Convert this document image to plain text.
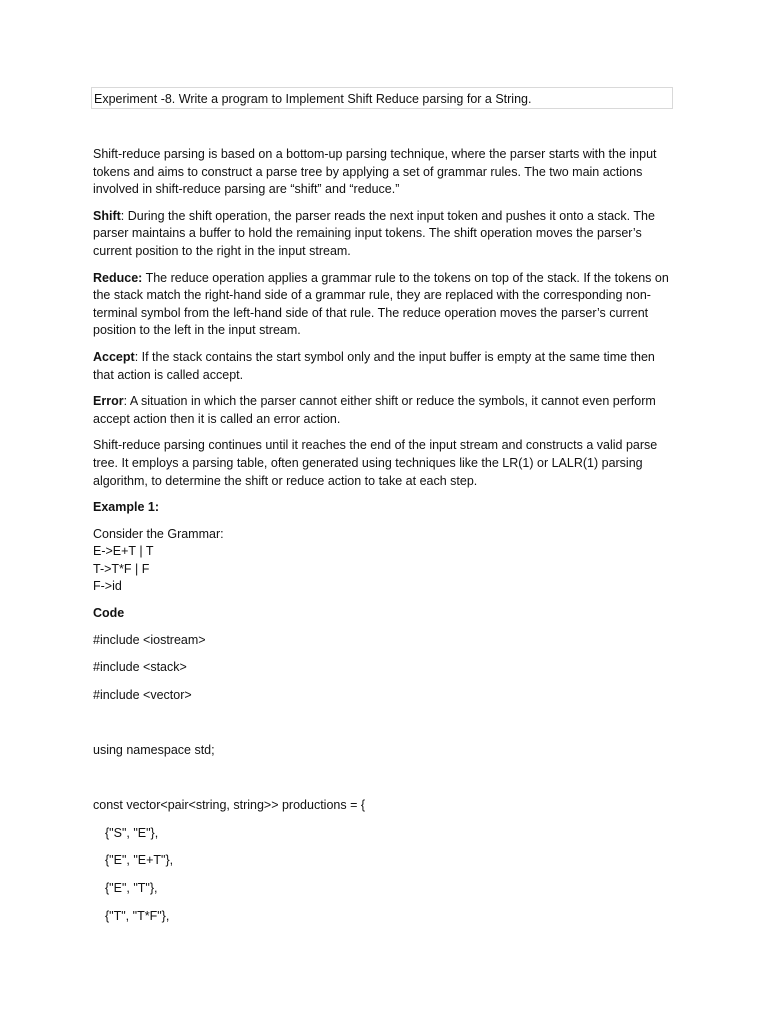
Experiment -8. Write a program to Implement Shift Reduce parsing for a String.

Shift-reduce parsing is based on a bottom-up parsing technique, where the parser starts with the input tokens and aims to construct a parse tree by applying a set of grammar rules. The two main actions involved in shift-reduce parsing are “shift” and “reduce.”

Shift: During the shift operation, the parser reads the next input token and pushes it onto a stack. The parser maintains a buffer to hold the remaining input tokens. The shift operation moves the parser’s current position to the right in the input stream.

Reduce: The reduce operation applies a grammar rule to the tokens on top of the stack. If the tokens on the stack match the right-hand side of a grammar rule, they are replaced with the corresponding non-terminal symbol from the left-hand side of that rule. The reduce operation moves the parser’s current position to the left in the input stream.

Accept: If the stack contains the start symbol only and the input buffer is empty at the same time then that action is called accept.

Error: A situation in which the parser cannot either shift or reduce the symbols, it cannot even perform accept action then it is called an error action.

Shift-reduce parsing continues until it reaches the end of the input stream and constructs a valid parse tree. It employs a parsing table, often generated using techniques like the LR(1) or LALR(1) parsing algorithm, to determine the shift or reduce action to take at each step.

Example 1:

Consider the Grammar:

E->E+T | T

T->T*F | F

F->id

Code

#include <iostream>

#include <stack>

#include <vector>

using namespace std;

const vector<pair<string, string>> productions = {

{"S", "E"},

{"E", "E+T"},

{"E", "T"},

{"T", "T*F"},
